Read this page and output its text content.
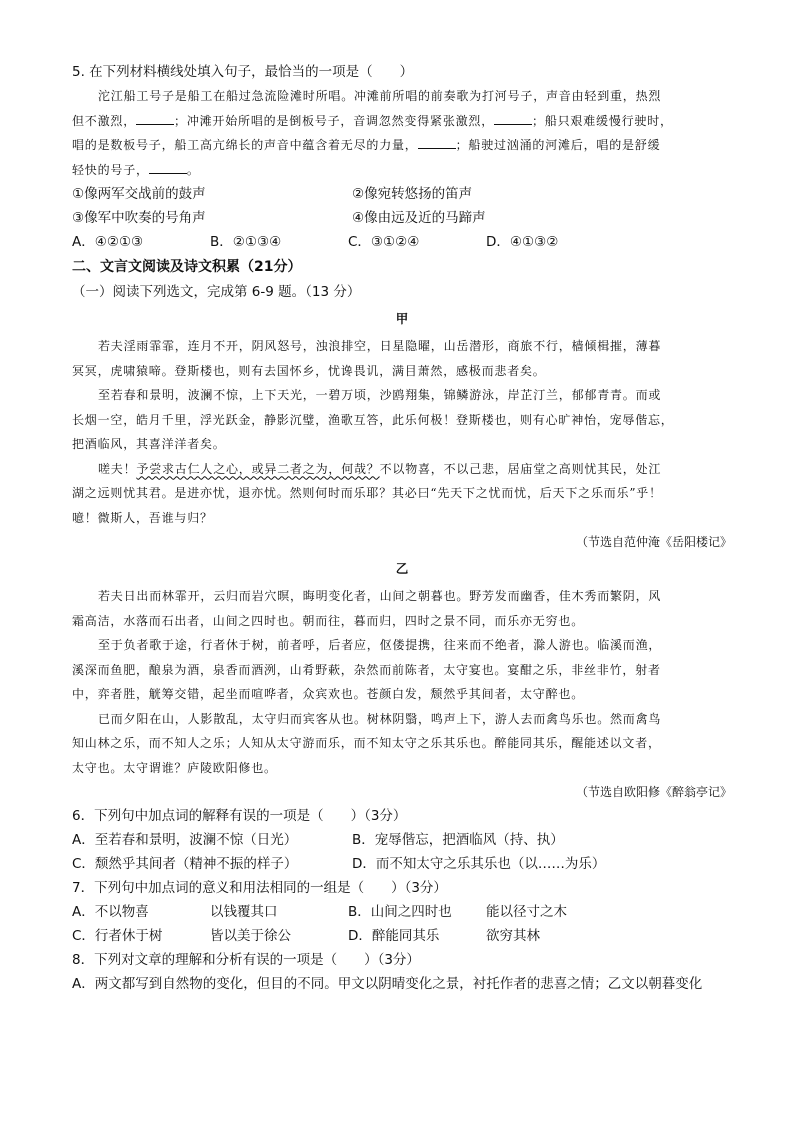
5. 在下列材料横线处填入句子，最恰当的一项是（　　）
沱江船工号子是船工在船过急流险滩时所唱。冲滩前所唱的前奏歌为打河号子，声音由轻到重，热烈
但不激烈，	；冲滩开始所唱的是倒板号子，音调忽然变得紧张激烈，	；船只艰难缓慢行驶时，
唱的是数板号子，船工高亢绵长的声音中蕴含着无尽的力量，	；船驶过汹涌的河滩后，唱的是舒缓
轻快的号子，	。
①像两军交战前的鼓声	②像宛转悠扬的笛声
③像军中吹奏的号角声	④像由远及近的马蹄声
A．④②①③	B．②①③④	C．③①②④	D．④①③②
二、文言文阅读及诗文积累（21分）
（一）阅读下列选文，完成第 6-9 题。（13 分）
甲
若夫淫雨霏霏，连月不开，阴风怒号，浊浪排空，日星隐曜，山岳潜形，商旅不行，樯倾楫摧，薄暮
冥冥，虎啸猿啼。登斯楼也，则有去国怀乡，忧谗畏讥，满目萧然，感极而悲者矣。
至若春和景明，波澜不惊，上下天光，一碧万顷，沙鸥翔集，锦鳞游泳，岸芷汀兰，郁郁青青。而或
长烟一空，皓月千里，浮光跃金，静影沉璧，渔歌互答，此乐何极！登斯楼也，则有心旷神怡，宠辱偕忘，
把酒临风，其喜洋洋者矣。
嗟夫！予尝求古仁人之心，或异二者之为，何哉？不以物喜，不以己悲，居庙堂之高则忧其民，处江
湖之远则忧其君。是进亦忧，退亦忧。然则何时而乐耶？其必曰“先天下之忧而忧，后天下之乐而乐”乎！
噫！微斯人，吾谁与归？
（节选自范仲淹《岳阳楼记》
乙
若夫日出而林霏开，云归而岩穴暝，晦明变化者，山间之朝暮也。野芳发而幽香，佳木秀而繁阴，风
霜高洁，水落而石出者，山间之四时也。朝而往，暮而归，四时之景不同，而乐亦无穷也。
至于负者歌于途，行者休于树，前者呼，后者应，伛偻提携，往来而不绝者，滁人游也。临溪而渔，
溪深而鱼肥，酿泉为酒，泉香而酒洌，山肴野蔌，杂然而前陈者，太守宴也。宴酣之乐，非丝非竹，射者
中，弈者胜，觥筹交错，起坐而喧哗者，众宾欢也。苍颜白发，颓然乎其间者，太守醉也。
已而夕阳在山，人影散乱，太守归而宾客从也。树林阴翳，鸣声上下，游人去而禽鸟乐也。然而禽鸟
知山林之乐，而不知人之乐；人知从太守游而乐，而不知太守之乐其乐也。醉能同其乐，醒能述以文者，
太守也。太守谓谁？庐陵欧阳修也。
（节选自欧阳修《醉翁亭记》
6．下列句中加点词的解释有误的一项是（　　）（3分）
A．至若春和景明，波澜不惊（日光）	B．宠辱偕忘，把酒临风（持、执）
C．颓然乎其间者（精神不振的样子）	D．而不知太守之乐其乐也（以……为乐）
7．下列句中加点词的意义和用法相同的一组是（　　）（3分）
A．不以物喜	以钱覆其口	B．山间之四时也	能以径寸之木
C．行者休于树	皆以美于徐公	D．醉能同其乐	欲穷其林
8．下列对文章的理解和分析有误的一项是（　　）（3分）
A．两文都写到自然物的变化，但目的不同。甲文以阴晴变化之景，衬托作者的悲喜之情；乙文以朝暮变化
